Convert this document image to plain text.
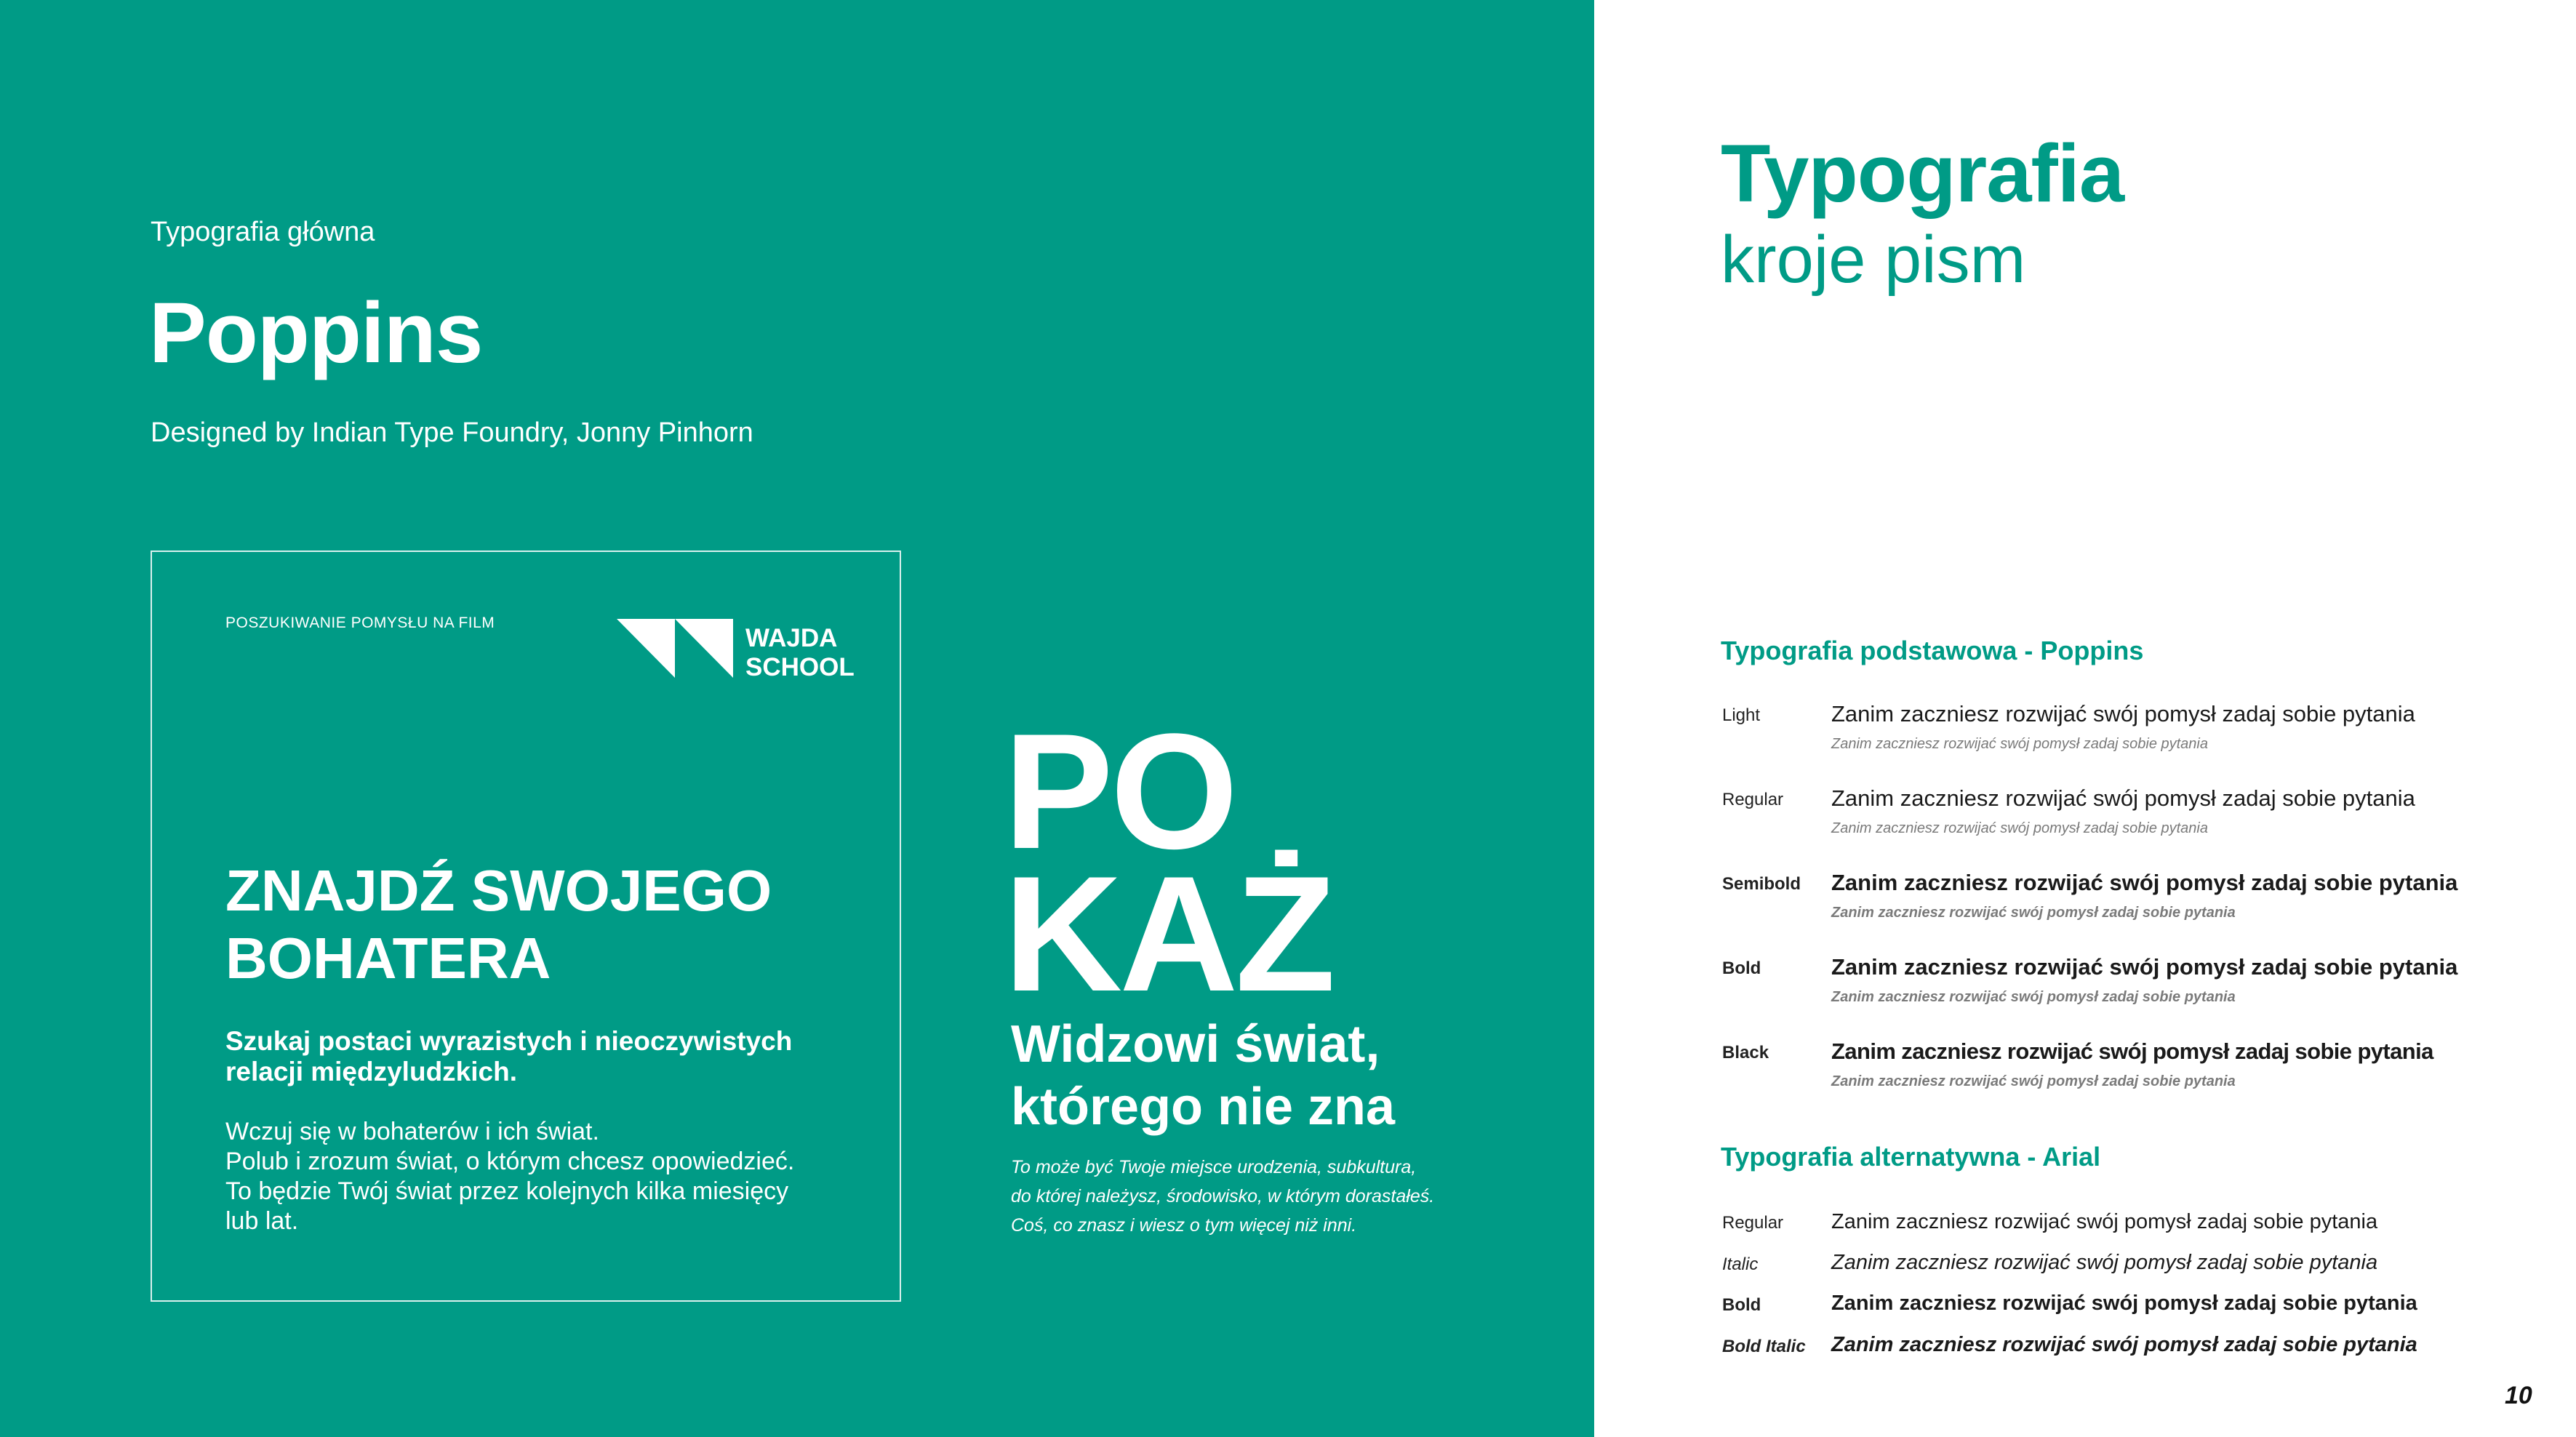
Typografia główna
Poppins
Designed by Indian Type Foundry, Jonny Pinhorn
POSZUKIWANIE POMYSŁU NA FILM
WAJDA
SCHOOL
ZNAJDŹ SWOJEGO
BOHATERA
Szukaj postaci wyrazistych i nieoczywistych
relacji międzyludzkich.
Wczuj się w bohaterów i ich świat.
Polub i zrozum świat, o którym chcesz opowiedzieć.
To będzie Twój świat przez kolejnych kilka miesięcy
lub lat.
PO
KAŻ
Widzowi świat,
którego nie zna
To może być Twoje miejsce urodzenia, subkultura,
do której należysz, środowisko, w którym dorastałeś.
Coś, co znasz i wiesz o tym więcej niż inni.
Typografia
kroje pism
Typografia podstawowa - Poppins
Light	Zanim zaczniesz rozwijać swój pomysł zadaj sobie pytania
Zanim zaczniesz rozwijać swój pomysł zadaj sobie pytania
Regular Zanim zaczniesz rozwijać swój pomysł zadaj sobie pytania
Zanim zaczniesz rozwijać swój pomysł zadaj sobie pytania
Semibold Zanim zaczniesz rozwijać swój pomysł zadaj sobie pytania
Zanim zaczniesz rozwijać swój pomysł zadaj sobie pytania
Bold	Zanim zaczniesz rozwijać swój pomysł zadaj sobie pytania
Zanim zaczniesz rozwijać swój pomysł zadaj sobie pytania
Black	Zanim zaczniesz rozwijać swój pomysł zadaj sobie pytania
Zanim zaczniesz rozwijać swój pomysł zadaj sobie pytania
Typografia alternatywna - Arial
Regular Zanim zaczniesz rozwijać swój pomysł zadaj sobie pytania
Italic	Zanim zaczniesz rozwijać swój pomysł zadaj sobie pytania
Bold	Zanim zaczniesz rozwijać swój pomysł zadaj sobie pytania
Bold Italic Zanim zaczniesz rozwijać swój pomysł zadaj sobie pytania
10
